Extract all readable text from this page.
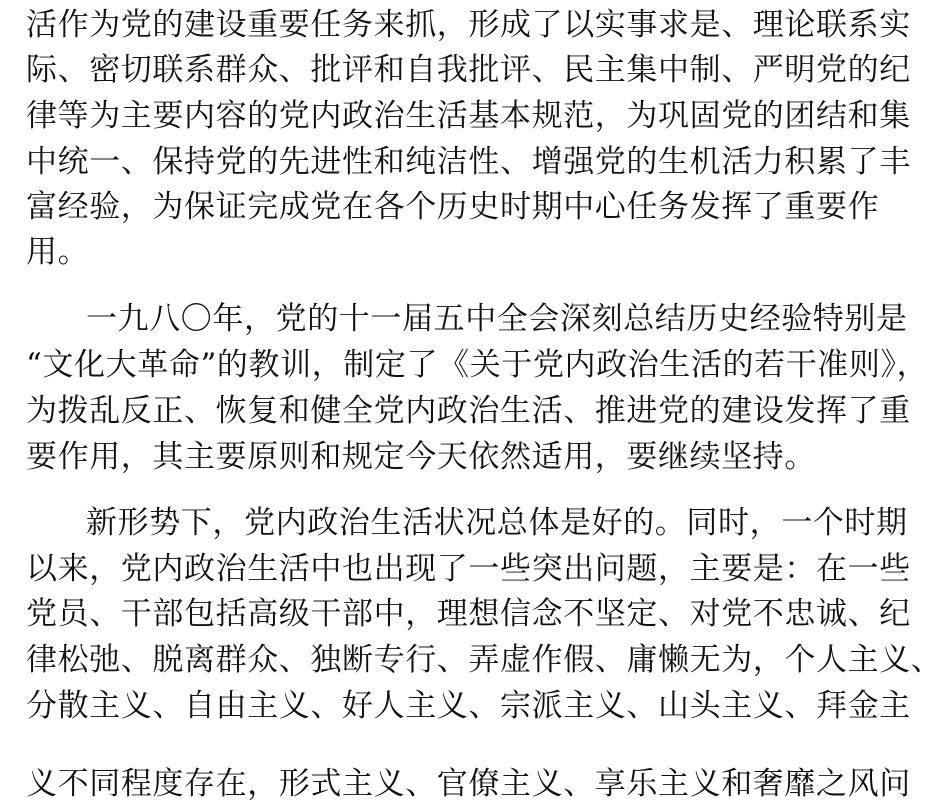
活作为党的建设重要任务来抓，形成了以实事求是、理论联系实
际、密切联系群众、批评和自我批评、民主集中制、严明党的纪
律等为主要内容的党内政治生活基本规范，为巩固党的团结和集
中统一、保持党的先进性和纯洁性、增强党的生机活力积累了丰
富经验，为保证完成党在各个历史时期中心任务发挥了重要作
用。
一九八〇年，党的十一届五中全会深刻总结历史经验特别是
“文化大革命”的教训，制定了《关于党内政治生活的若干准则》，
为拨乱反正、恢复和健全党内政治生活、推进党的建设发挥了重
要作用，其主要原则和规定今天依然适用，要继续坚持。
新形势下，党内政治生活状况总体是好的。同时，一个时期
以来，党内政治生活中也出现了一些突出问题，主要是：在一些
党员、干部包括高级干部中，理想信念不坚定、对党不忠诚、纪
律松弛、脱离群众、独断专行、弄虚作假、庸懒无为，个人主义、
分散主义、自由主义、好人主义、宗派主义、山头主义、拜金主
义不同程度存在，形式主义、官僚主义、享乐主义和奢靡之风问
